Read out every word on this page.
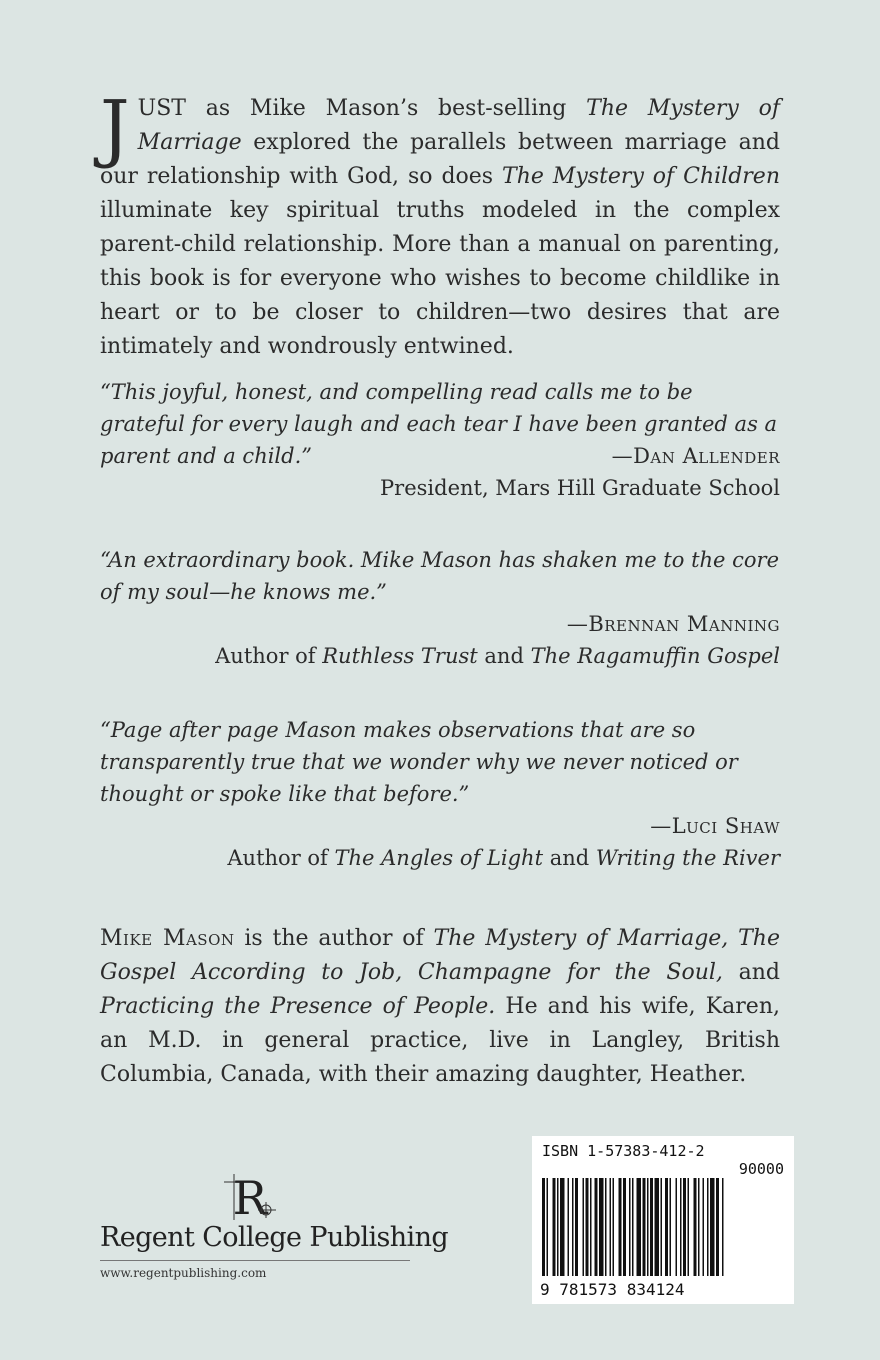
JUST as Mike Mason’s best-selling The Mystery of Marriage explored the parallels between marriage and our relationship with God, so does The Mystery of Children illuminate key spiritual truths modeled in the complex parent-child relationship. More than a manual on parenting, this book is for everyone who wishes to become childlike in heart or to be closer to children—two desires that are intimately and wondrously entwined.

“This joyful, honest, and compelling read calls me to be grateful for every laugh and each tear I have been granted as a parent and a child.”	—Dan Allender
President, Mars Hill Graduate School

“An extraordinary book. Mike Mason has shaken me to the core of my soul—he knows me.”

—Brennan Manning
Author of Ruthless Trust and The Ragamuffin Gospel

“Page after page Mason makes observations that are so transparently true that we wonder why we never noticed or thought or spoke like that before.”

—Luci Shaw
Author of The Angles of Light and Writing the River

Mike Mason is the author of The Mystery of Marriage, The Gospel According to Job, Champagne for the Soul, and Practicing the Presence of People. He and his wife, Karen, an M.D. in general practice, live in Langley, British Columbia, Canada, with their amazing daughter, Heather.

R
Regent College Publishing
www.regentpublishing.com
ISBN 1-57383-412-2
90000
9 781573 834124
